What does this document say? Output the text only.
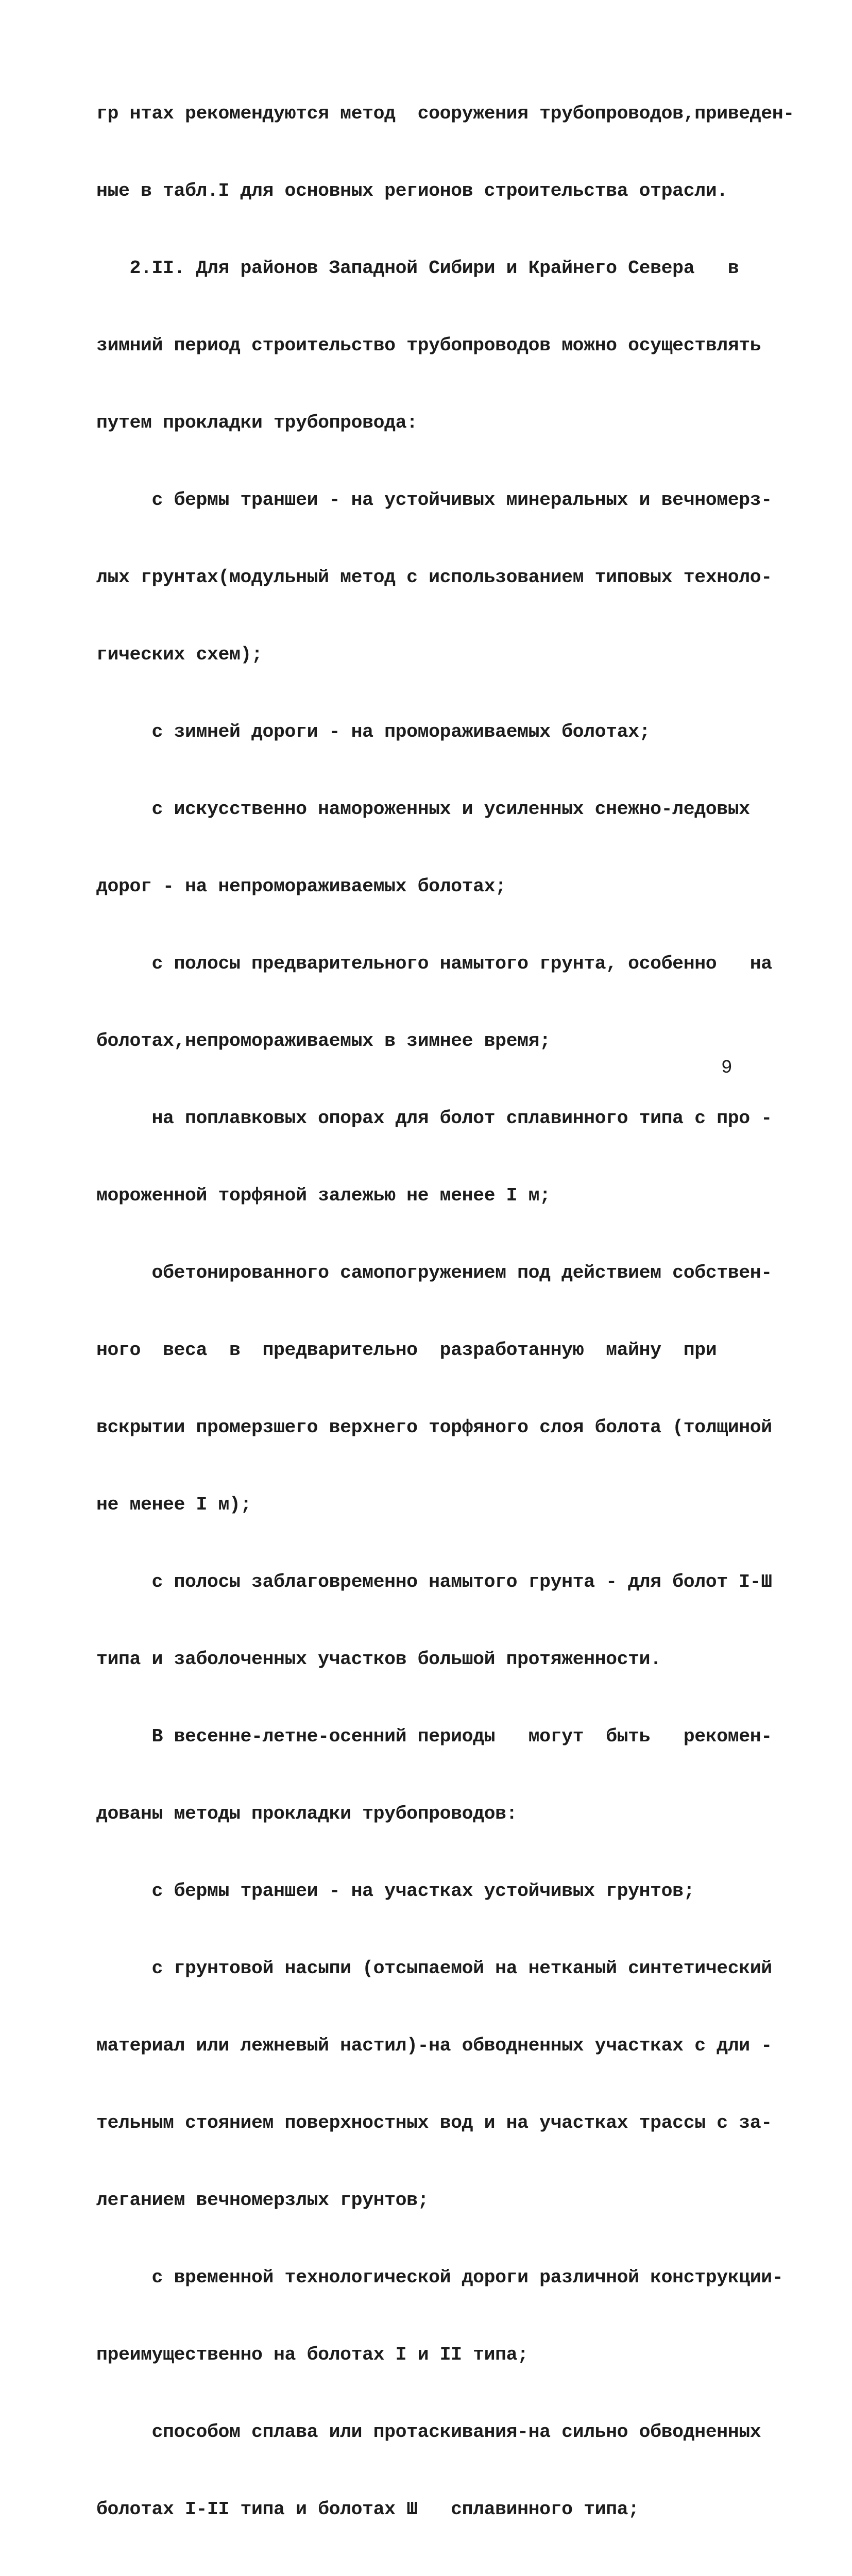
гр нтах рекомендуются метод  сооружения трубопроводов,приведен-

ные в табл.I для основных регионов строительства отрасли.

2.II. Для районов Западной Сибири и Крайнего Севера   в

зимний период строительство трубопроводов можно осуществлять

путем прокладки трубопровода:

с бермы траншеи - на устойчивых минеральных и вечномерз-

лых грунтах(модульный метод с использованием типовых техноло-

гических схем);

с зимней дороги - на промораживаемых болотах;

с искусственно намороженных и усиленных снежно-ледовых

дорог - на непромораживаемых болотах;

с полосы предварительного намытого грунта, особенно   на

болотах,непромораживаемых в зимнее время;

на поплавковых опорах для болот сплавинного типа с про -

мороженной торфяной залежью не менее I м;

обетонированного самопогружением под действием собствен-

ного  веса  в  предварительно  разработанную  майну  при

вскрытии промерзшего верхнего торфяного слоя болота (толщиной

не менее I м);

с полосы заблаговременно намытого грунта - для болот I-Ш

типа и заболоченных участков большой протяженности.

В весенне-летне-осенний периоды   могут  быть   рекомен-

дованы методы прокладки трубопроводов:

с бермы траншеи - на участках устойчивых грунтов;

с грунтовой насыпи (отсыпаемой на нетканый синтетический

материал или лежневый настил)-на обводненных участках с дли -

тельным стоянием поверхностных вод и на участках трассы с за-

леганием вечномерзлых грунтов;

с временной технологической дороги различной конструкции-

преимущественно на болотах I и II типа;

способом сплава или протаскивания-на сильно обводненных

болотах I-II типа и болотах Ш   сплавинного типа;

9
